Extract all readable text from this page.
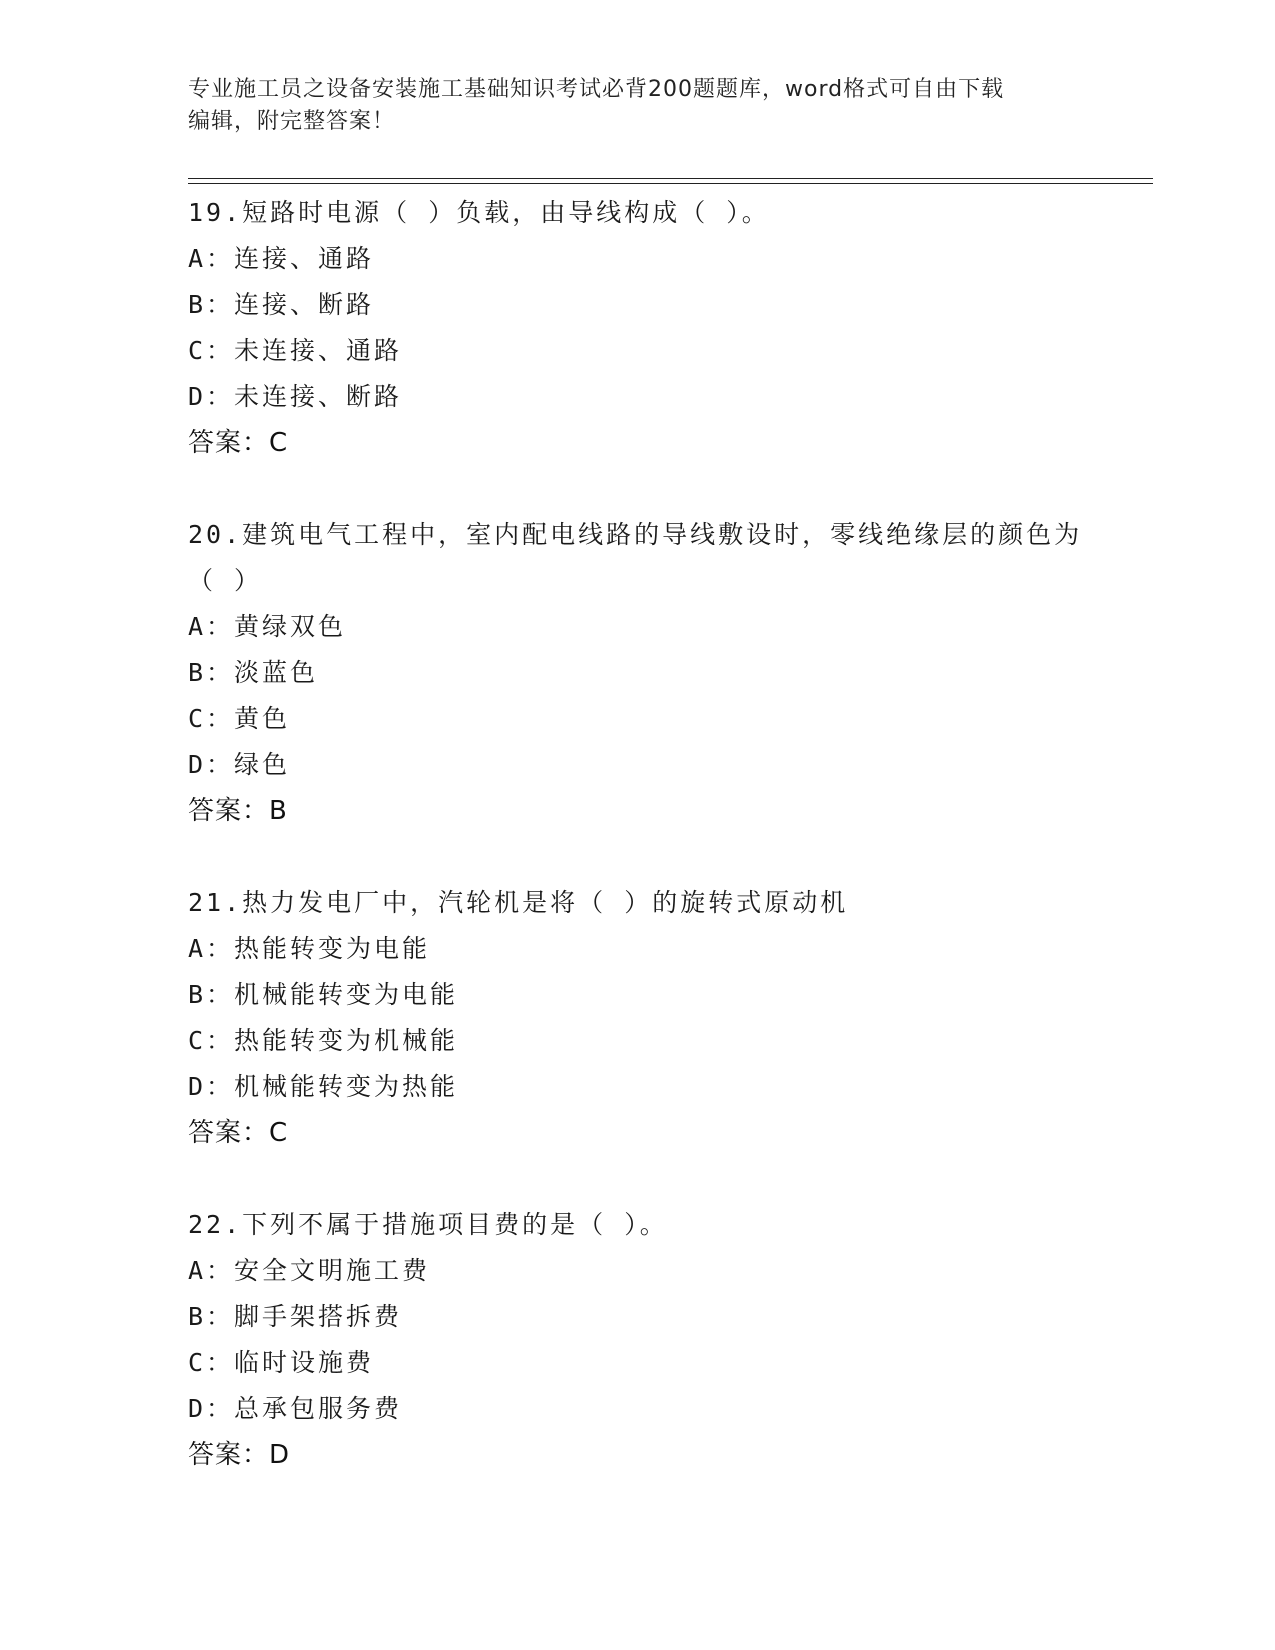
专业施工员之设备安装施工基础知识考试必背200题题库，word格式可自由下载
编辑，附完整答案！
19.短路时电源（ ）负载，由导线构成（ ）。
A：连接、通路
B：连接、断路
C：未连接、通路
D：未连接、断路
答案：C
20.建筑电气工程中，室内配电线路的导线敷设时，零线绝缘层的颜色为（ ）
A：黄绿双色
B：淡蓝色
C：黄色
D：绿色
答案：B
21.热力发电厂中，汽轮机是将（ ）的旋转式原动机
A：热能转变为电能
B：机械能转变为电能
C：热能转变为机械能
D：机械能转变为热能
答案：C
22.下列不属于措施项目费的是（ ）。
A：安全文明施工费
B：脚手架搭拆费
C：临时设施费
D：总承包服务费
答案：D
